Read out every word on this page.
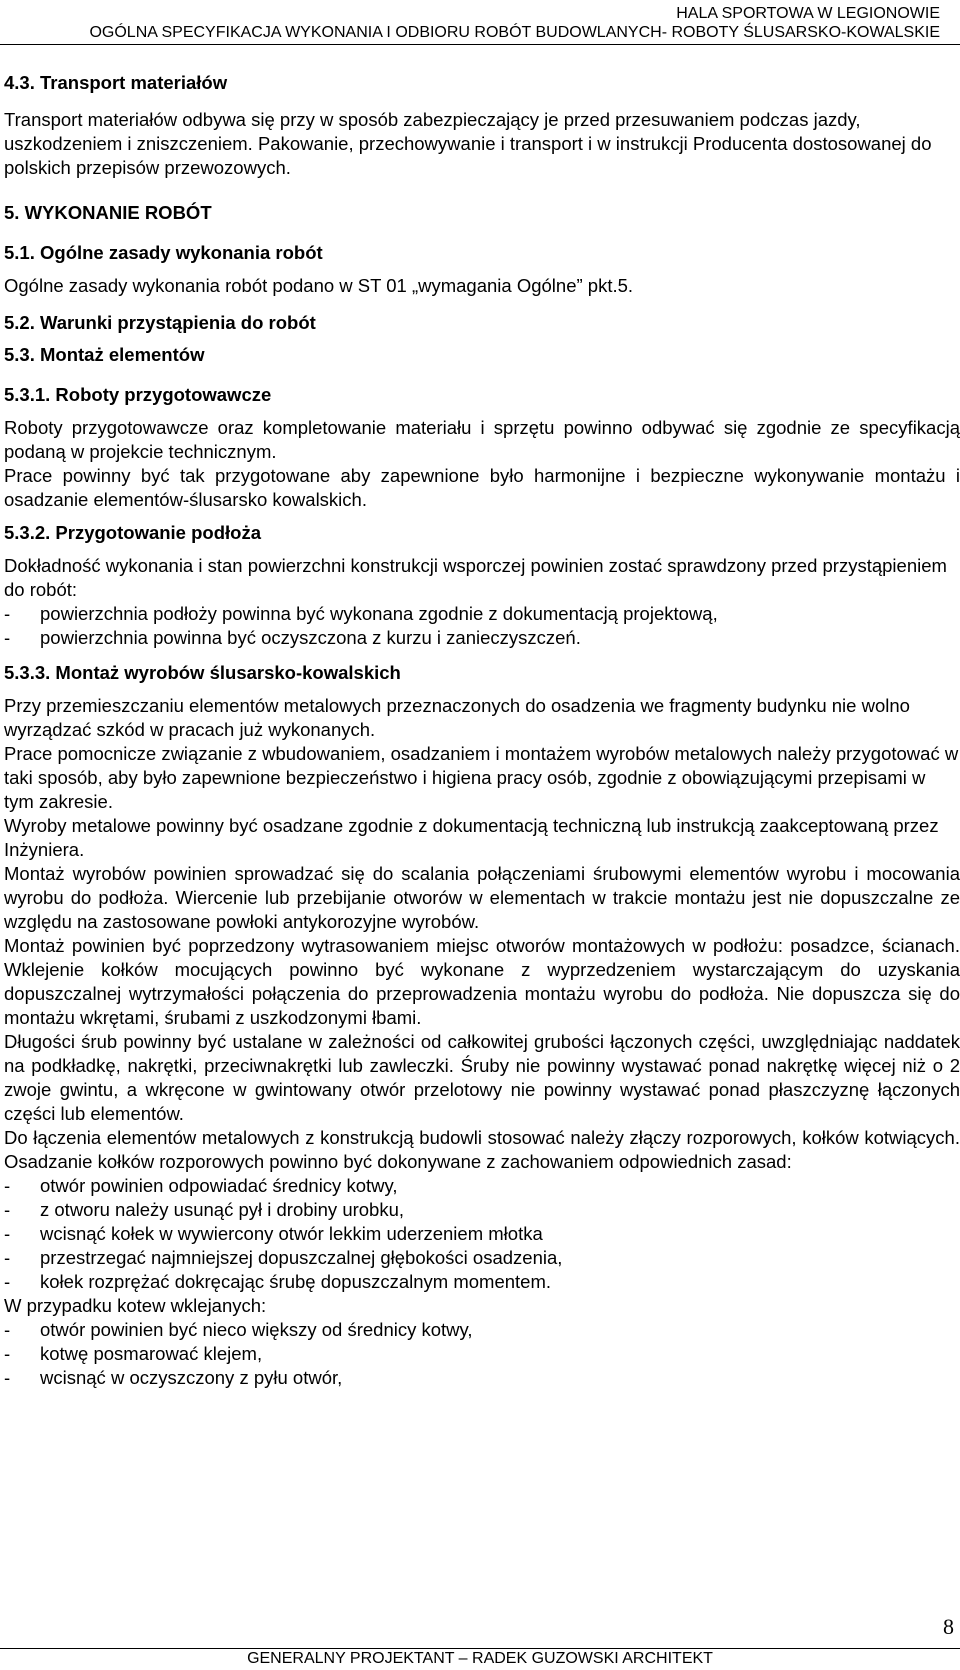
HALA SPORTOWA W LEGIONOWIE
OGÓLNA SPECYFIKACJA WYKONANIA I ODBIORU ROBÓT BUDOWLANYCH- ROBOTY ŚLUSARSKO-KOWALSKIE

4.3. Transport materiałów

Transport materiałów odbywa się przy w sposób zabezpieczający je przed przesuwaniem podczas jazdy, uszkodzeniem i zniszczeniem. Pakowanie, przechowywanie i transport i w instrukcji Producenta dostosowanej do polskich przepisów przewozowych.

5. WYKONANIE ROBÓT

5.1. Ogólne zasady wykonania robót

Ogólne zasady wykonania robót podano w ST 01 „wymagania Ogólne” pkt.5.

5.2. Warunki przystąpienia do robót

5.3. Montaż elementów

5.3.1. Roboty przygotowawcze

Roboty przygotowawcze oraz kompletowanie materiału i sprzętu powinno odbywać się zgodnie ze specyfikacją podaną w projekcie technicznym.

Prace powinny być tak przygotowane aby zapewnione było harmonijne i bezpieczne wykonywanie montażu i osadzanie elementów-ślusarsko kowalskich.

5.3.2. Przygotowanie podłoża

Dokładność wykonania i stan powierzchni konstrukcji wsporczej powinien zostać sprawdzony przed przystąpieniem do robót:

-	powierzchnia podłoży powinna być wykonana zgodnie z dokumentacją projektową,
-	powierzchnia powinna być oczyszczona z kurzu i zanieczyszczeń.

5.3.3. Montaż wyrobów ślusarsko-kowalskich

Przy przemieszczaniu elementów metalowych przeznaczonych do osadzenia we fragmenty budynku nie wolno wyrządzać szkód w pracach już wykonanych.

Prace pomocnicze związanie z wbudowaniem, osadzaniem i montażem wyrobów metalowych należy przygotować w taki sposób, aby było zapewnione bezpieczeństwo i higiena pracy osób, zgodnie z obowiązującymi przepisami w tym zakresie.

Wyroby metalowe powinny być osadzane zgodnie z dokumentacją techniczną lub instrukcją zaakceptowaną przez Inżyniera.

Montaż wyrobów powinien sprowadzać się do scalania połączeniami śrubowymi elementów wyrobu i mocowania wyrobu do podłoża. Wiercenie lub przebijanie otworów w elementach w trakcie montażu jest nie dopuszczalne ze względu na zastosowane powłoki antykorozyjne wyrobów.

Montaż powinien być poprzedzony wytrasowaniem miejsc otworów montażowych w podłożu: posadzce, ścianach. Wklejenie kołków mocujących powinno być wykonane z wyprzedzeniem wystarczającym do uzyskania dopuszczalnej wytrzymałości połączenia do przeprowadzenia montażu wyrobu do podłoża. Nie dopuszcza się do montażu wkrętami, śrubami z uszkodzonymi łbami.

Długości śrub powinny być ustalane w zależności od całkowitej grubości łączonych części, uwzględniając naddatek na podkładkę, nakrętki, przeciwnakrętki lub zawleczki. Śruby nie powinny wystawać ponad nakrętkę więcej niż o 2 zwoje gwintu, a wkręcone w gwintowany otwór przelotowy nie powinny wystawać ponad płaszczyznę łączonych części lub elementów.

Do łączenia elementów metalowych z konstrukcją budowli stosować należy złączy rozporowych, kołków kotwiących. Osadzanie kołków rozporowych powinno być dokonywane z zachowaniem odpowiednich zasad:

-	otwór powinien odpowiadać średnicy kotwy,
-	z otworu należy usunąć pył i drobiny urobku,
-	wcisnąć kołek w wywiercony otwór lekkim uderzeniem młotka
-	przestrzegać najmniejszej dopuszczalnej głębokości osadzenia,
-	kołek rozprężać dokręcając śrubę dopuszczalnym momentem.

W przypadku kotew wklejanych:

-	otwór powinien być nieco większy od średnicy kotwy,
-	kotwę posmarować klejem,
-	wcisnąć w oczyszczony z pyłu otwór,
8
GENERALNY PROJEKTANT – RADEK GUZOWSKI ARCHITEKT
